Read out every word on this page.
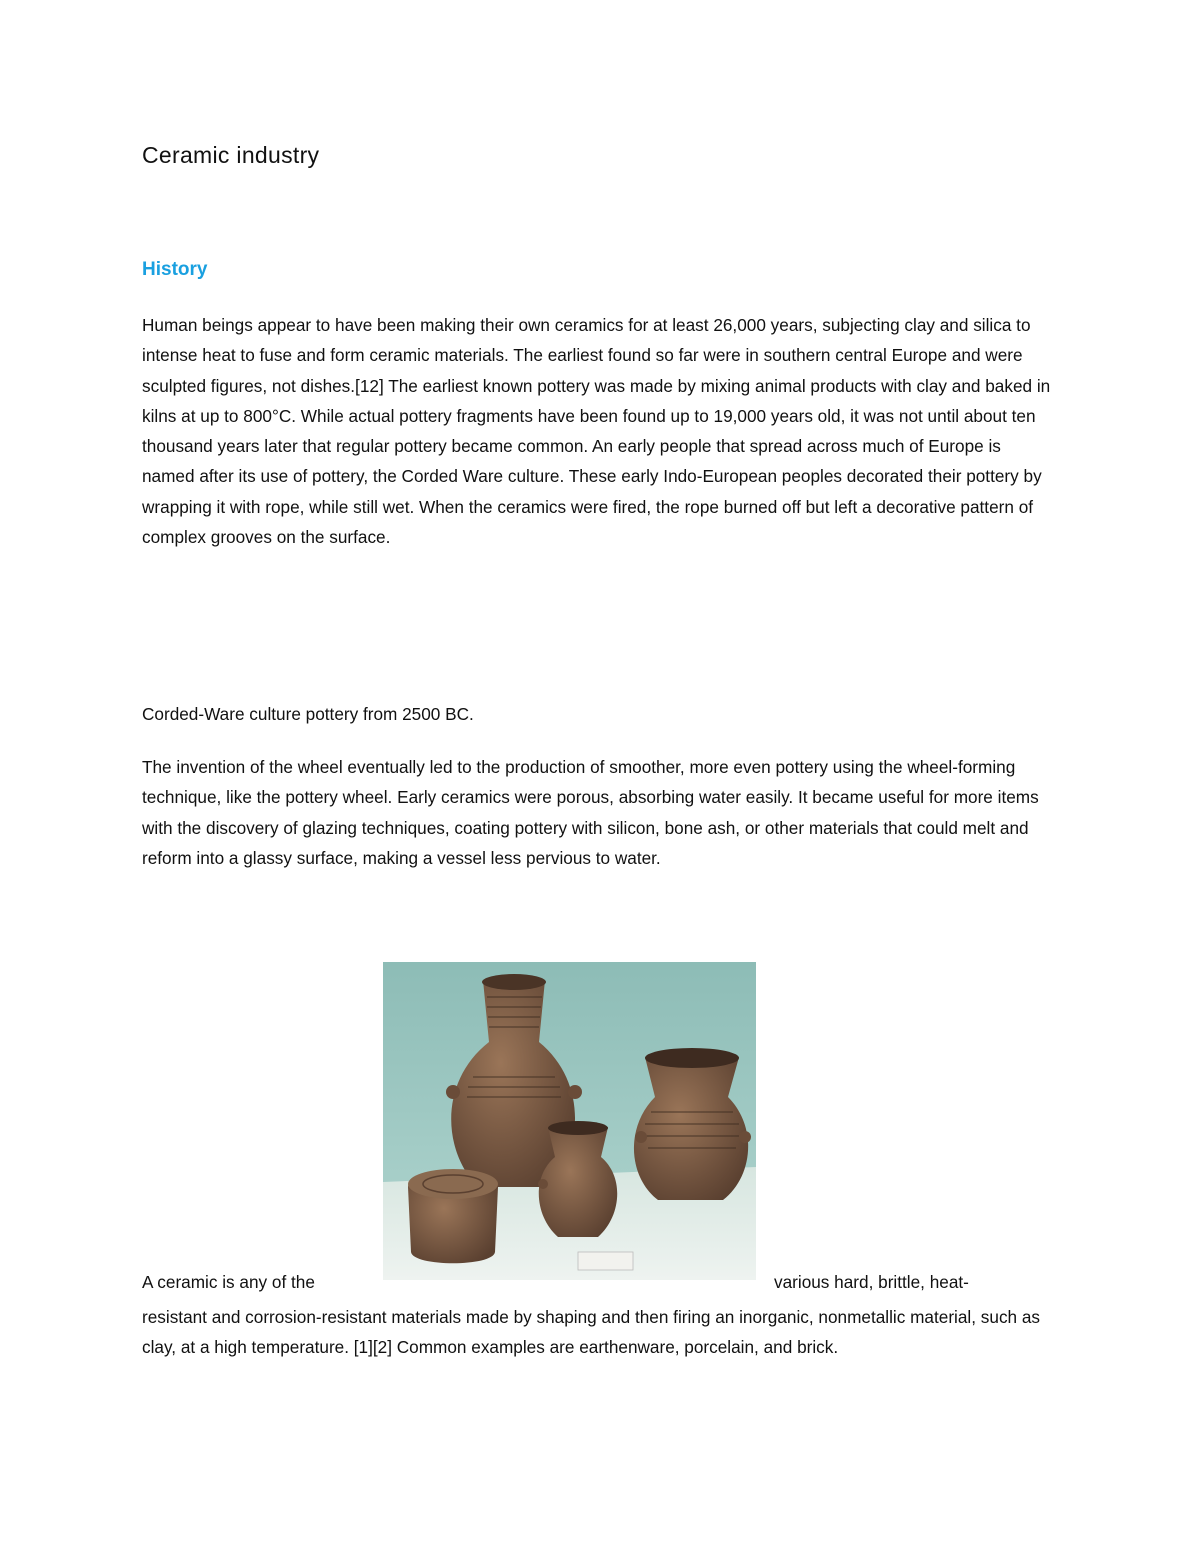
Ceramic industry
History

Human beings appear to have been making their own ceramics for at least 26,000 years, subjecting clay and silica to intense heat to fuse and form ceramic materials. The earliest found so far were in southern central Europe and were sculpted figures, not dishes.[12] The earliest known pottery was made by mixing animal products with clay and baked in kilns at up to 800°C. While actual pottery fragments have been found up to 19,000 years old, it was not until about ten thousand years later that regular pottery became common. An early people that spread across much of Europe is named after its use of pottery, the Corded Ware culture. These early Indo-European peoples decorated their pottery by wrapping it with rope, while still wet. When the ceramics were fired, the rope burned off but left a decorative pattern of complex grooves on the surface.

Corded-Ware culture pottery from 2500 BC.

The invention of the wheel eventually led to the production of smoother, more even pottery using the wheel-forming technique, like the pottery wheel. Early ceramics were porous, absorbing water easily. It became useful for more items with the discovery of glazing techniques, coating pottery with silicon, bone ash, or other materials that could melt and reform into a glassy surface, making a vessel less pervious to water.

A ceramic is any of the	various hard, brittle, heat-

resistant and corrosion-resistant materials made by shaping and then firing an inorganic, nonmetallic material, such as clay, at a high temperature. [1][2] Common examples are earthenware, porcelain, and brick.
